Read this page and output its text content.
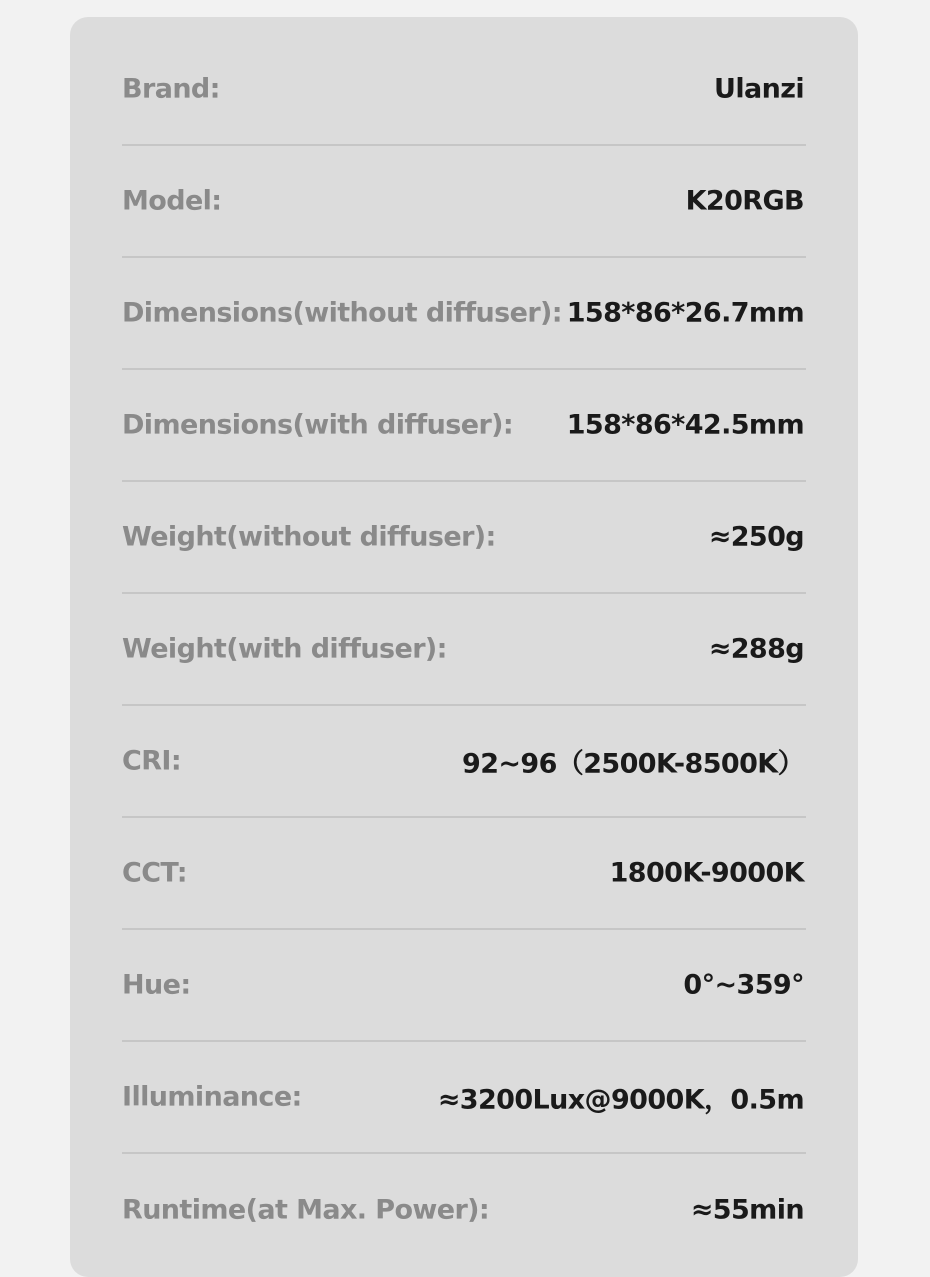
Brand:	Ulanzi
Model:	K20RGB
Dimensions(without diffuser): 158*86*26.7mm
Dimensions(with diffuser): 158*86*42.5mm
Weight(without diffuser):	≈250g
Weight(with diffuser):	≈288g
CRI:	92~96（2500K-8500K）
CCT:	1800K-9000K
Hue:	0°~359°
Illuminance:	≈3200Lux@9000K，0.5m
Runtime(at Max. Power):	≈55min
